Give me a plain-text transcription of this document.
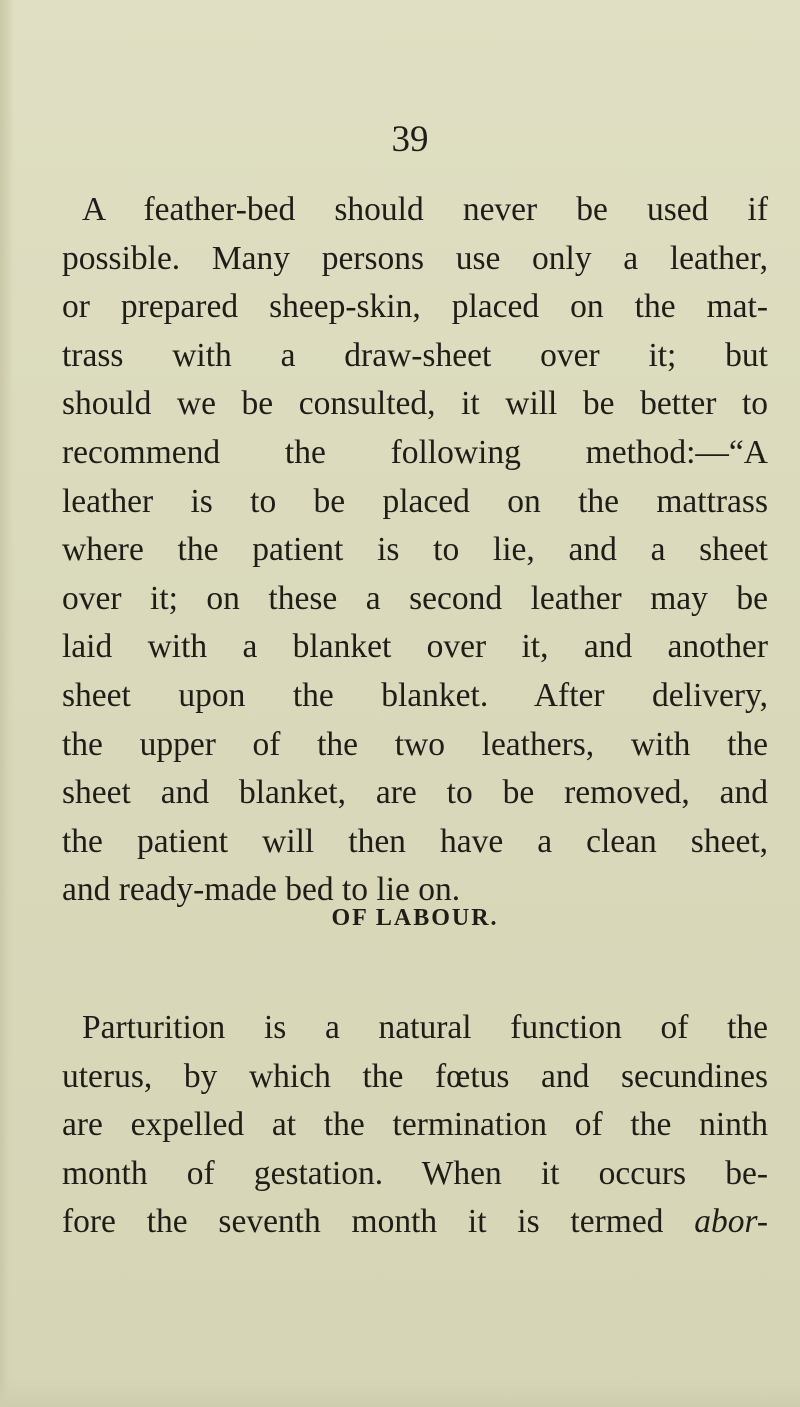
39
A feather-bed should never be used if
possible. Many persons use only a leather,
or prepared sheep-skin, placed on the mat-
trass with a draw-sheet over it; but
should we be consulted, it will be better to
recommend the following method:—“A
leather is to be placed on the mattrass
where the patient is to lie, and a sheet
over it; on these a second leather may be
laid with a blanket over it, and another
sheet upon the blanket. After delivery,
the upper of the two leathers, with the
sheet and blanket, are to be removed, and
the patient will then have a clean sheet,
and ready-made bed to lie on.
OF LABOUR.
Parturition is a natural function of the
uterus, by which the fœtus and secundines
are expelled at the termination of the ninth
month of gestation. When it occurs be-
fore the seventh month it is termed abor-
